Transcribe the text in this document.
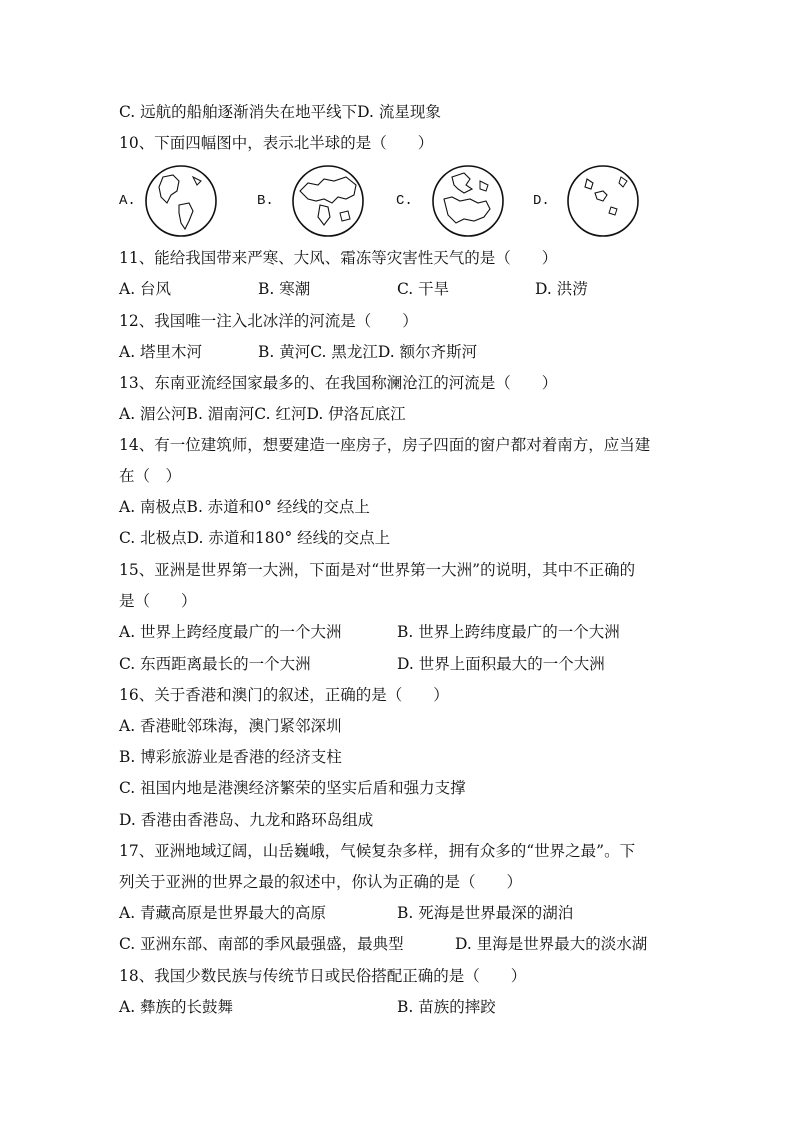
C. 远航的船舶逐渐消失在地平线下D. 流星现象
10、下面四幅图中，表示北半球的是（　　）
A.	B.	C.	D.
11、能给我国带来严寒、大风、霜冻等灾害性天气的是（　　）
A. 台风	B. 寒潮	C. 干旱	D. 洪涝
12、我国唯一注入北冰洋的河流是（　　）
A. 塔里木河	B. 黄河C. 黑龙江D. 额尔齐斯河
13、东南亚流经国家最多的、在我国称澜沧江的河流是（　　）
A. 湄公河B. 湄南河C. 红河D. 伊洛瓦底江
14、有一位建筑师，想要建造一座房子，房子四面的窗户都对着南方，应当建
在（　）
A. 南极点B. 赤道和0° 经线的交点上
C. 北极点D. 赤道和180° 经线的交点上
15、亚洲是世界第一大洲，下面是对“世界第一大洲”的说明，其中不正确的
是（　　）
A. 世界上跨经度最广的一个大洲	B. 世界上跨纬度最广的一个大洲
C. 东西距离最长的一个大洲	D. 世界上面积最大的一个大洲
16、关于香港和澳门的叙述，正确的是（　　）
A. 香港毗邻珠海，澳门紧邻深圳
B. 博彩旅游业是香港的经济支柱
C. 祖国内地是港澳经济繁荣的坚实后盾和强力支撑
D. 香港由香港岛、九龙和路环岛组成
17、亚洲地域辽阔，山岳巍峨，气候复杂多样，拥有众多的“世界之最”。下
列关于亚洲的世界之最的叙述中，你认为正确的是（　　）
A. 青藏高原是世界最大的高原	B. 死海是世界最深的湖泊
C. 亚洲东部、南部的季风最强盛，最典型	D. 里海是世界最大的淡水湖
18、我国少数民族与传统节日或民俗搭配正确的是（　　）
A. 彝族的长鼓舞	B. 苗族的摔跤
